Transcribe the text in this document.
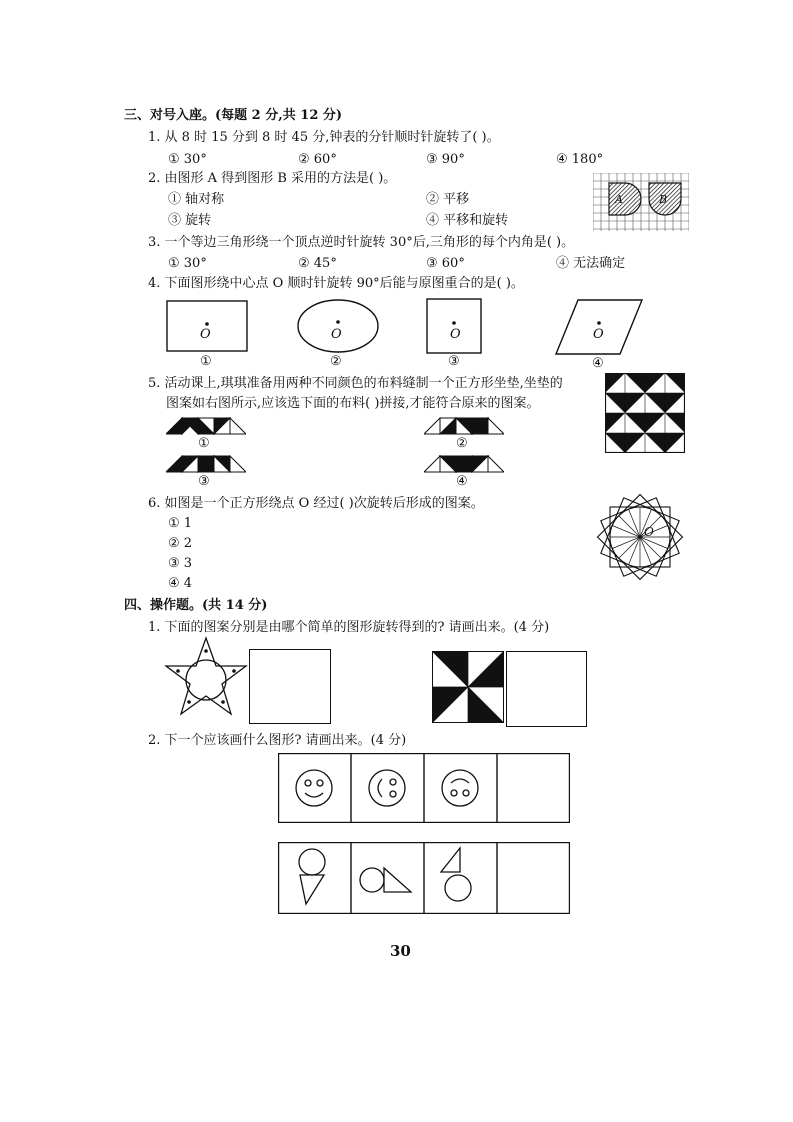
三、对号入座。(每题 2 分,共 12 分)
1. 从 8 时 15 分到 8 时 45 分,钟表的分针顺时针旋转了( )。
① 30°	② 60°	③ 90°	④ 180°
2. 由图形 A 得到图形 B 采用的方法是( )。
① 轴对称	② 平移
③ 旋转	④ 平移和旋转
A	B
3. 一个等边三角形绕一个顶点逆时针旋转 30°后,三角形的每个内角是( )。
① 30°	② 45°	③ 60°	④ 无法确定
4. 下面图形绕中心点 O 顺时针旋转 90°后能与原图重合的是( )。
O	O	O	O
①	②	③	④
5. 活动课上,琪琪准备用两种不同颜色的布料缝制一个正方形坐垫,坐垫的
图案如右图所示,应该选下面的布料( )拼接,才能符合原来的图案。
①	②
③	④
6. 如图是一个正方形绕点 O 经过( )次旋转后形成的图案。
① 1
② 2
③ 3
④ 4
O
四、操作题。(共 14 分)
1. 下面的图案分别是由哪个简单的图形旋转得到的? 请画出来。(4 分)
2. 下一个应该画什么图形? 请画出来。(4 分)
30
